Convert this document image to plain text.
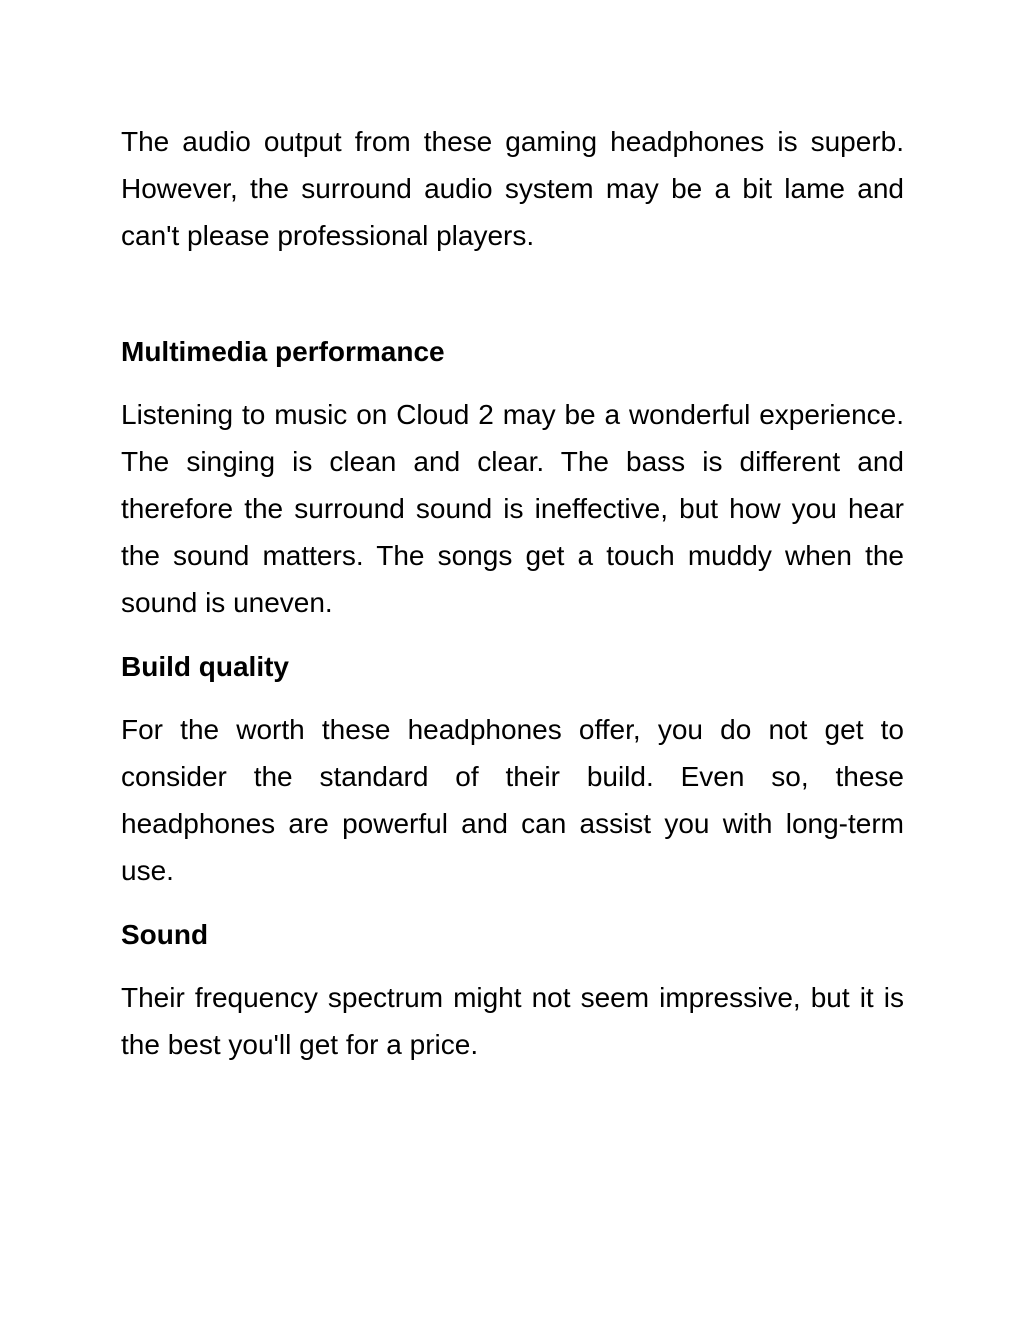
The audio output from these gaming headphones is superb. However, the surround audio system may be a bit lame and can't please professional players.

Multimedia performance

Listening to music on Cloud 2 may be a wonderful experience. The singing is clean and clear. The bass is different and therefore the surround sound is ineffective, but how you hear the sound matters. The songs get a touch muddy when the sound is uneven.

Build quality

For the worth these headphones offer, you do not get to consider the standard of their build. Even so, these headphones are powerful and can assist you with long-term use.

Sound

Their frequency spectrum might not seem impressive, but it is the best you'll get for a price.
